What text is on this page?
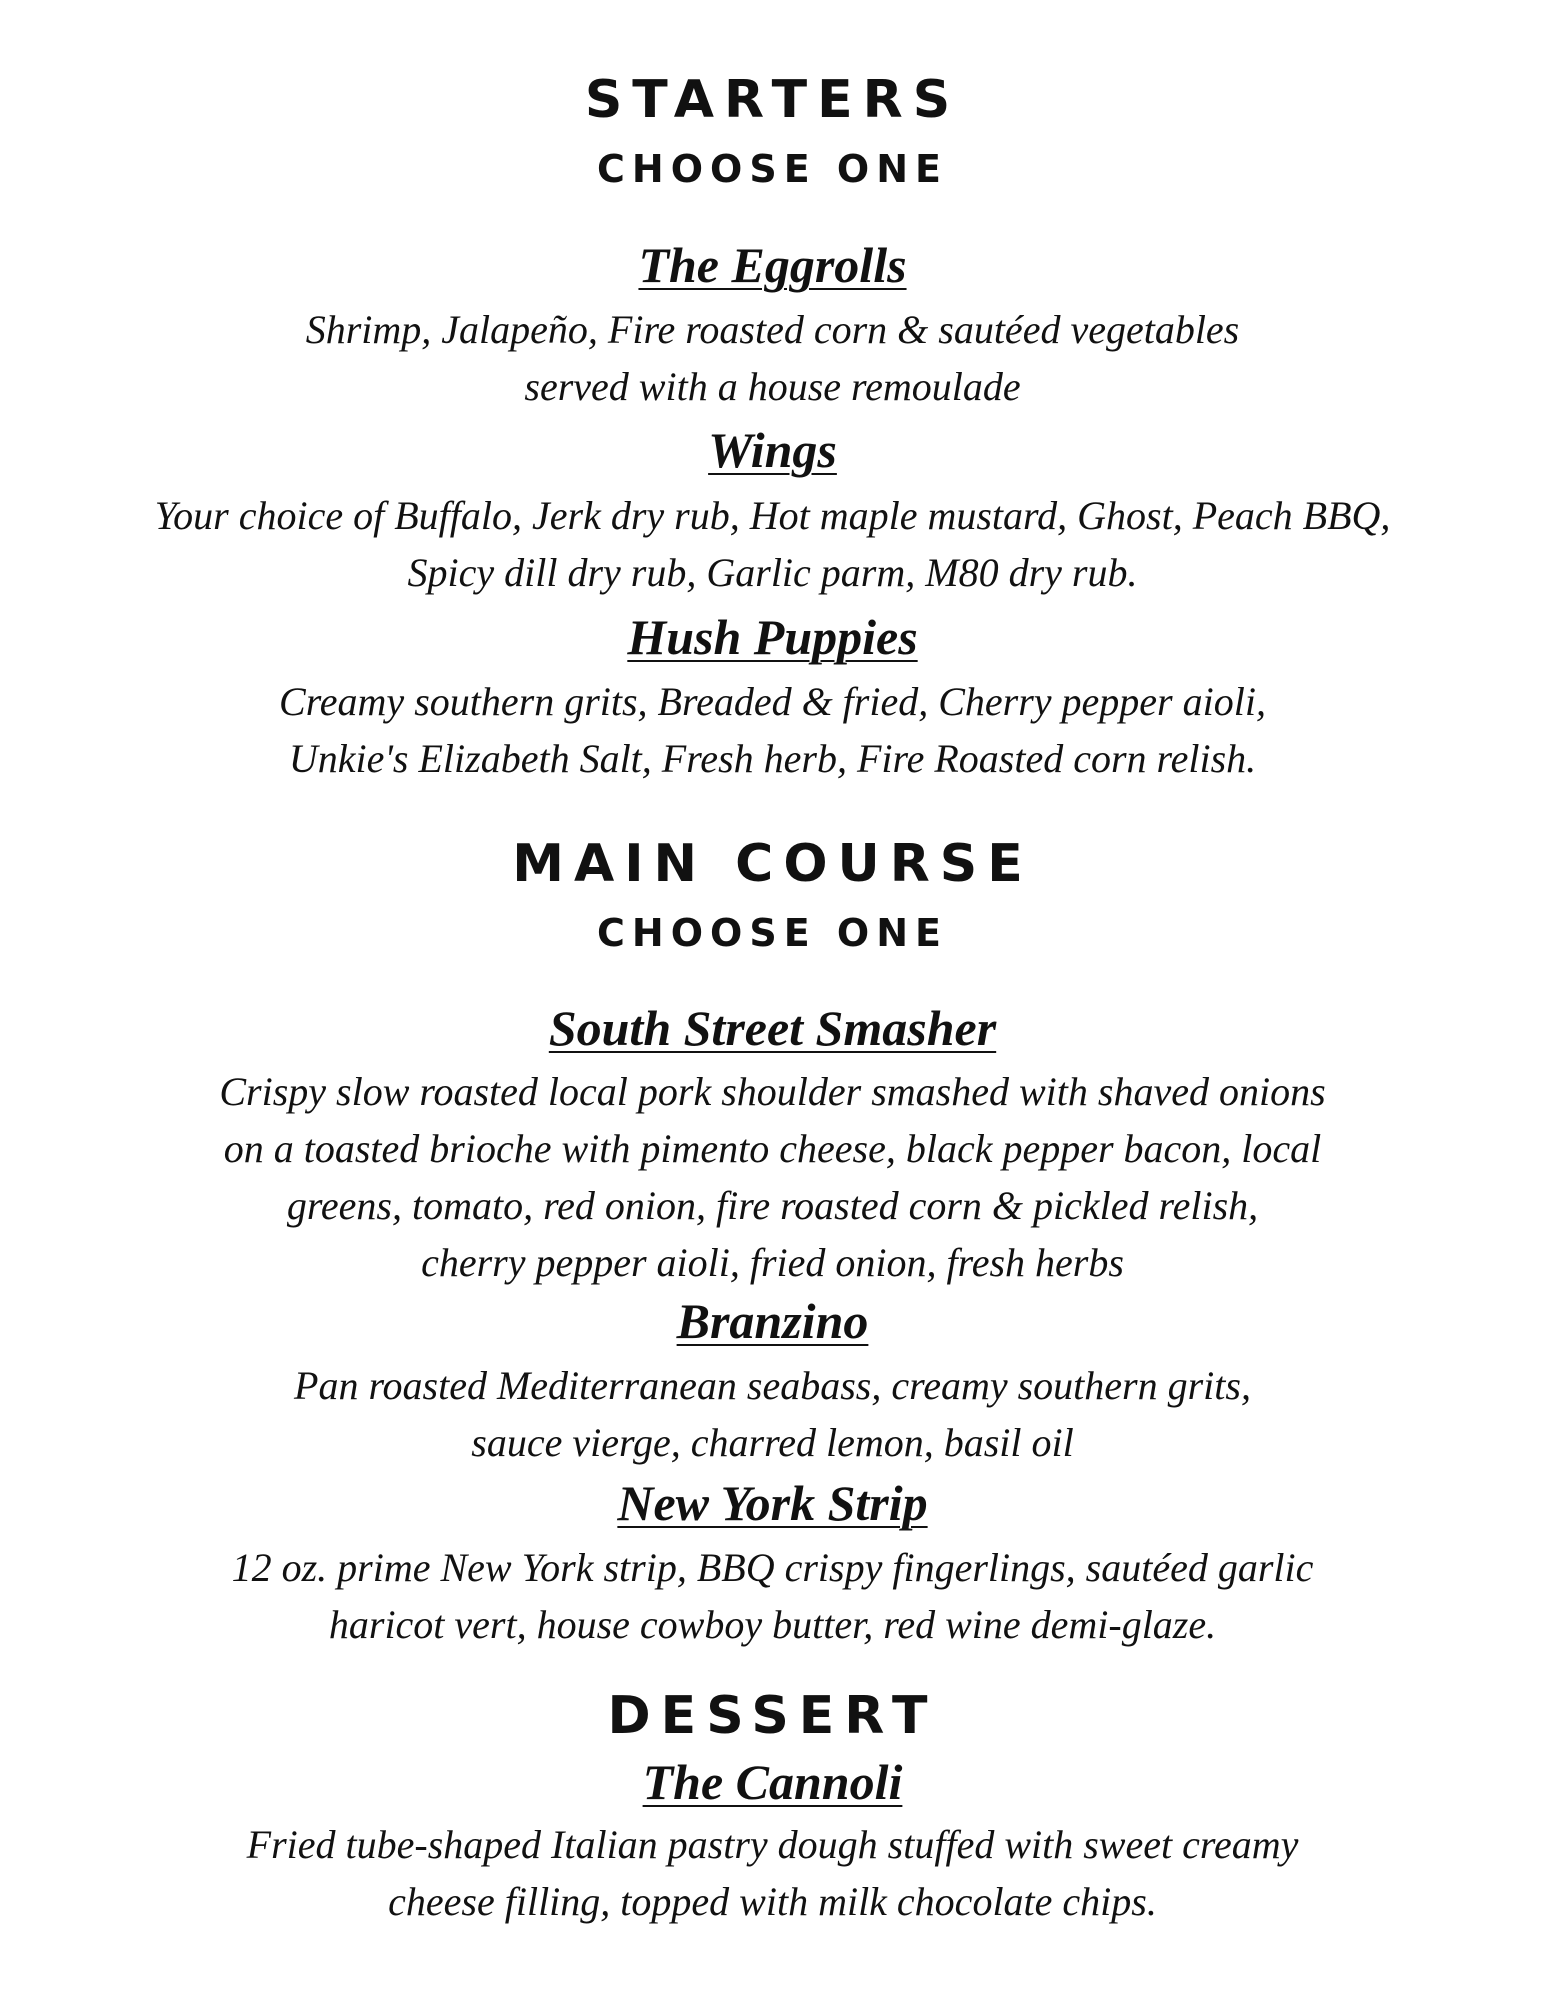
STARTERS
CHOOSE ONE
The Eggrolls

Shrimp, Jalapeño, Fire roasted corn & sautéed vegetables
served with a house remoulade

Wings

Your choice of Buffalo, Jerk dry rub, Hot maple mustard, Ghost, Peach BBQ,
Spicy dill dry rub, Garlic parm, M80 dry rub.

Hush Puppies

Creamy southern grits, Breaded & fried, Cherry pepper aioli,
Unkie's Elizabeth Salt, Fresh herb, Fire Roasted corn relish.

MAIN COURSE
CHOOSE ONE
South Street Smasher

Crispy slow roasted local pork shoulder smashed with shaved onions
on a toasted brioche with pimento cheese, black pepper bacon, local
greens, tomato, red onion, fire roasted corn & pickled relish,
cherry pepper aioli, fried onion, fresh herbs

Branzino

Pan roasted Mediterranean seabass, creamy southern grits,
sauce vierge, charred lemon, basil oil

New York Strip

12 oz. prime New York strip, BBQ crispy fingerlings, sautéed garlic
haricot vert, house cowboy butter, red wine demi-glaze.

DESSERT
The Cannoli

Fried tube-shaped Italian pastry dough stuffed with sweet creamy
cheese filling, topped with milk chocolate chips.
